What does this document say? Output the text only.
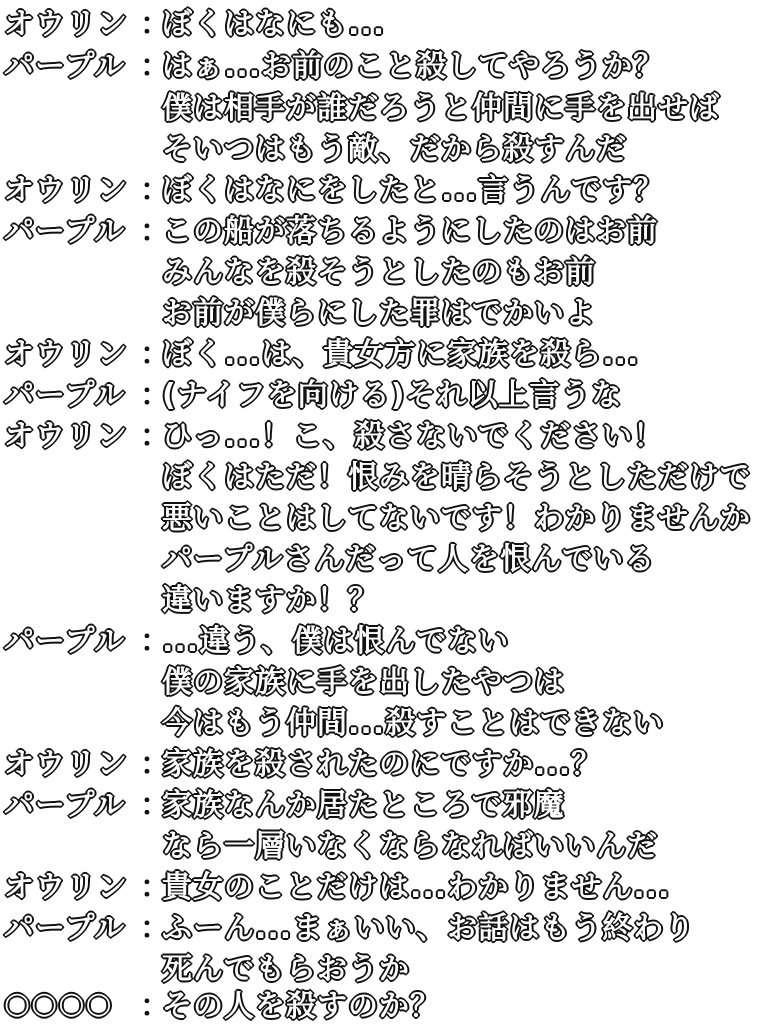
オウリン ：
ぼくはなにも...
パープル ：
はぁ...お前のこと殺してやろうか？
僕は相手が誰だろうと仲間に手を出せば
そいつはもう敵、だから殺すんだ
オウリン ：
ぼくはなにをしたと...言うんです？
パープル ：
この船が落ちるようにしたのはお前
みんなを殺そうとしたのもお前
お前が僕らにした罪はでかいよ
オウリン ：
ぼく...は、貴女方に家族を殺ら...
パープル ：
(ナイフを向ける)それ以上言うな
オウリン ：
ひっ...！こ、殺さないでください！
ぼくはただ！恨みを晴らそうとしただけで
悪いことはしてないです！わかりませんか
パープルさんだって人を恨んでいる
違いますか！？
パープル ：
...違う、僕は恨んでない
僕の家族に手を出したやつは
今はもう仲間...殺すことはできない
オウリン ：
家族を殺されたのにですか...？
パープル ：
家族なんか居たところで邪魔
なら一層いなくならなればいいんだ
オウリン ：
貴女のことだけは...わかりません...
パープル ：
ふーん...まぁいい、お話はもう終わり
死んでもらおうか
○○○○ ：
その人を殺すのか？
